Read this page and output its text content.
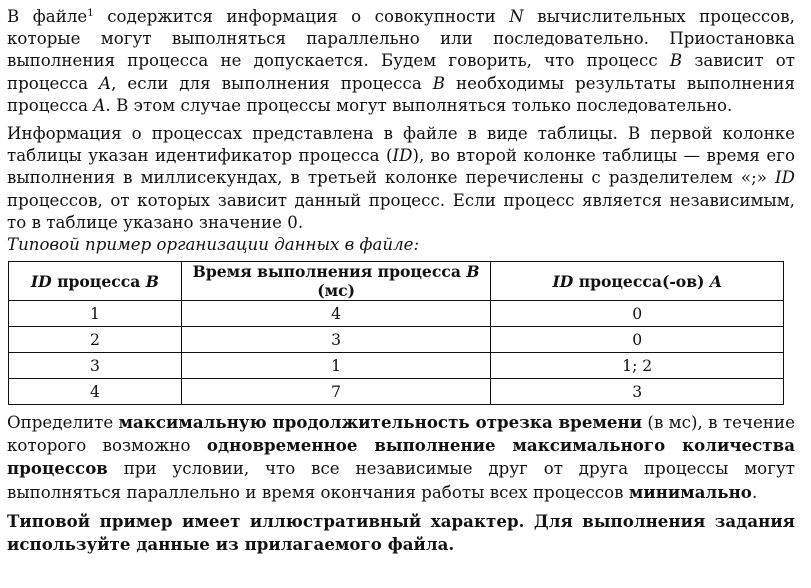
В файле$^1$ содержится информация о совокупности N вычислительных процессов, которые могут выполняться параллельно или последовательно. Приостановка выполнения процесса не допускается. Будем говорить, что процесс B зависит от процесса A, если для выполнения процесса B необходимы результаты выполнения процесса A. В этом случае процессы могут выполняться только последовательно.

Информация о процессах представлена в файле в виде таблицы. В первой колонке таблицы указан идентификатор процесса (ID), во второй колонке таблицы — время его выполнения в миллисекундах, в третьей колонке перечислены с разделителем «;» ID процессов, от которых зависит данный процесс. Если процесс является независимым, то в таблице указано значение 0.

Типовой пример организации данных в файле:
ID процесса B	Время выполнения процесса B (мс)	ID процесса(-ов) A
1	4	0
2	3	0
3	1	1; 2
4	7	3

Определите максимальную продолжительность отрезка времени (в мс), в течение которого возможно одновременное выполнение максимального количества процессов при условии, что все независимые друг от друга процессы могут выполняться параллельно и время окончания работы всех процессов минимально.

Типовой пример имеет иллюстративный характер. Для выполнения задания используйте данные из прилагаемого файла.
